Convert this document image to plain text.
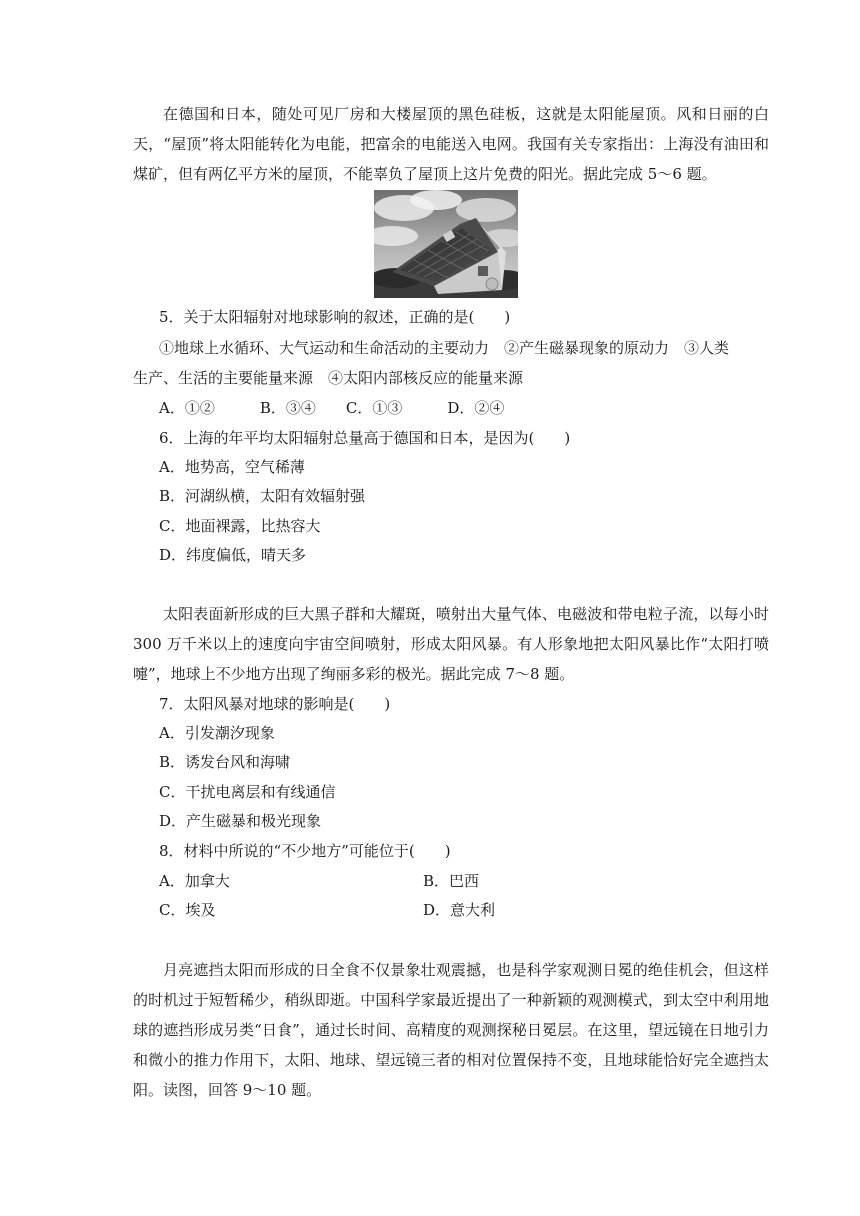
在德国和日本，随处可见厂房和大楼屋顶的黑色硅板，这就是太阳能屋顶。风和日丽的白天，“屋顶”将太阳能转化为电能，把富余的电能送入电网。我国有关专家指出：上海没有油田和煤矿，但有两亿平方米的屋顶，不能辜负了屋顶上这片免费的阳光。据此完成 5～6 题。

5．关于太阳辐射对地球影响的叙述，正确的是(　　)

①地球上水循环、大气运动和生命活动的主要动力　②产生磁暴现象的原动力　③人类

生产、生活的主要能量来源　④太阳内部核反应的能量来源

A．①②　　　B．③④　　C．①③　　　D．②④

6．上海的年平均太阳辐射总量高于德国和日本，是因为(　　)

A．地势高，空气稀薄

B．河湖纵横，太阳有效辐射强

C．地面裸露，比热容大

D．纬度偏低，晴天多

太阳表面新形成的巨大黑子群和大耀斑，喷射出大量气体、电磁波和带电粒子流，以每小时 300 万千米以上的速度向宇宙空间喷射，形成太阳风暴。有人形象地把太阳风暴比作“太阳打喷嚏”，地球上不少地方出现了绚丽多彩的极光。据此完成 7～8 题。

7．太阳风暴对地球的影响是(　　)

A．引发潮汐现象

B．诱发台风和海啸

C．干扰电离层和有线通信

D．产生磁暴和极光现象

8．材料中所说的“不少地方”可能位于(　　)

A．加拿大	B．巴西

C．埃及	D．意大利

月亮遮挡太阳而形成的日全食不仅景象壮观震撼，也是科学家观测日冕的绝佳机会，但这样的时机过于短暂稀少，稍纵即逝。中国科学家最近提出了一种新颖的观测模式，到太空中利用地球的遮挡形成另类“日食”，通过长时间、高精度的观测探秘日冕层。在这里，望远镜在日地引力和微小的推力作用下，太阳、地球、望远镜三者的相对位置保持不变，且地球能恰好完全遮挡太阳。读图，回答 9～10 题。
